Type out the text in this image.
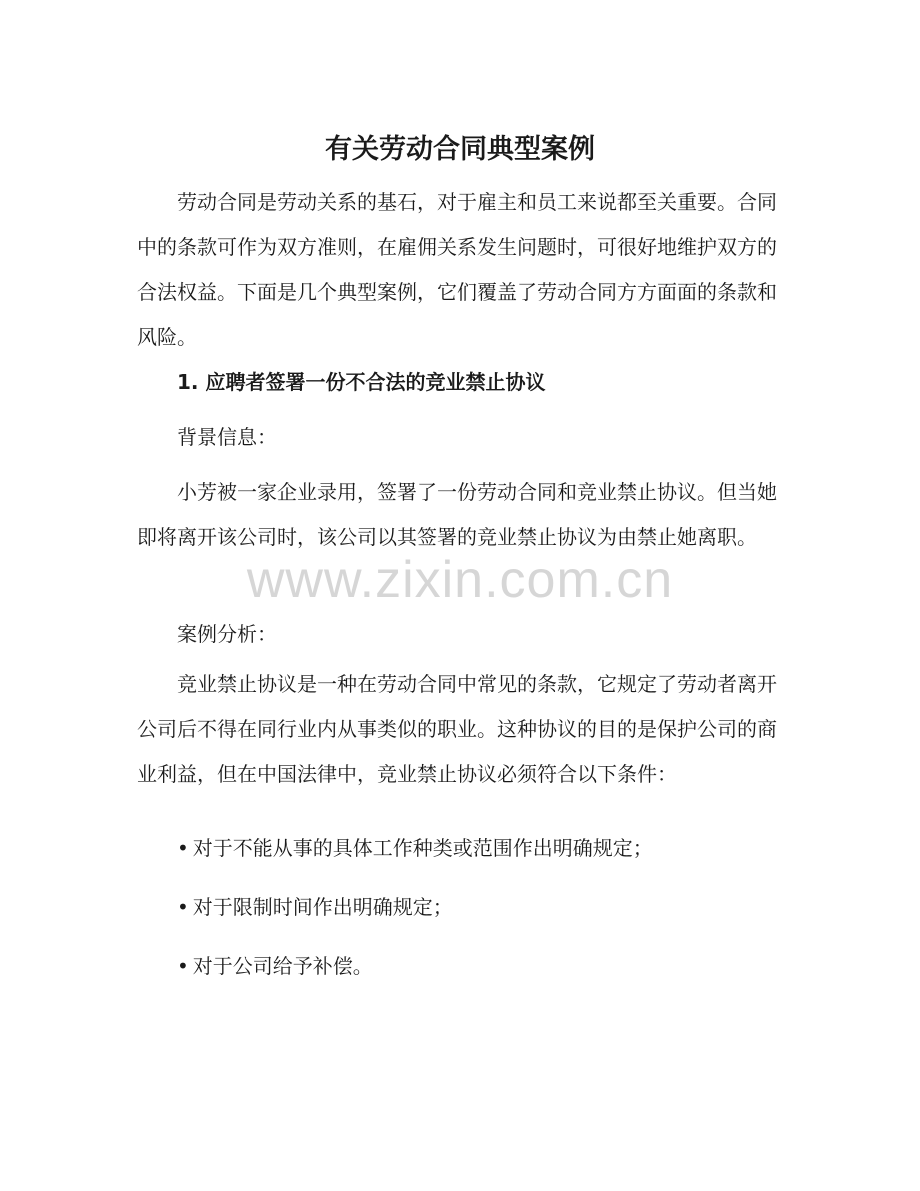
有关劳动合同典型案例

劳动合同是劳动关系的基石，对于雇主和员工来说都至关重要。合同中的条款可作为双方准则，在雇佣关系发生问题时，可很好地维护双方的合法权益。下面是几个典型案例，它们覆盖了劳动合同方方面面的条款和风险。

1. 应聘者签署一份不合法的竞业禁止协议

背景信息：

小芳被一家企业录用，签署了一份劳动合同和竞业禁止协议。但当她即将离开该公司时，该公司以其签署的竞业禁止协议为由禁止她离职。

案例分析：

竞业禁止协议是一种在劳动合同中常见的条款，它规定了劳动者离开公司后不得在同行业内从事类似的职业。这种协议的目的是保护公司的商业利益，但在中国法律中，竞业禁止协议必须符合以下条件：

• 对于不能从事的具体工作种类或范围作出明确规定；
• 对于限制时间作出明确规定；
• 对于公司给予补偿。
www.zixin.com.cn
